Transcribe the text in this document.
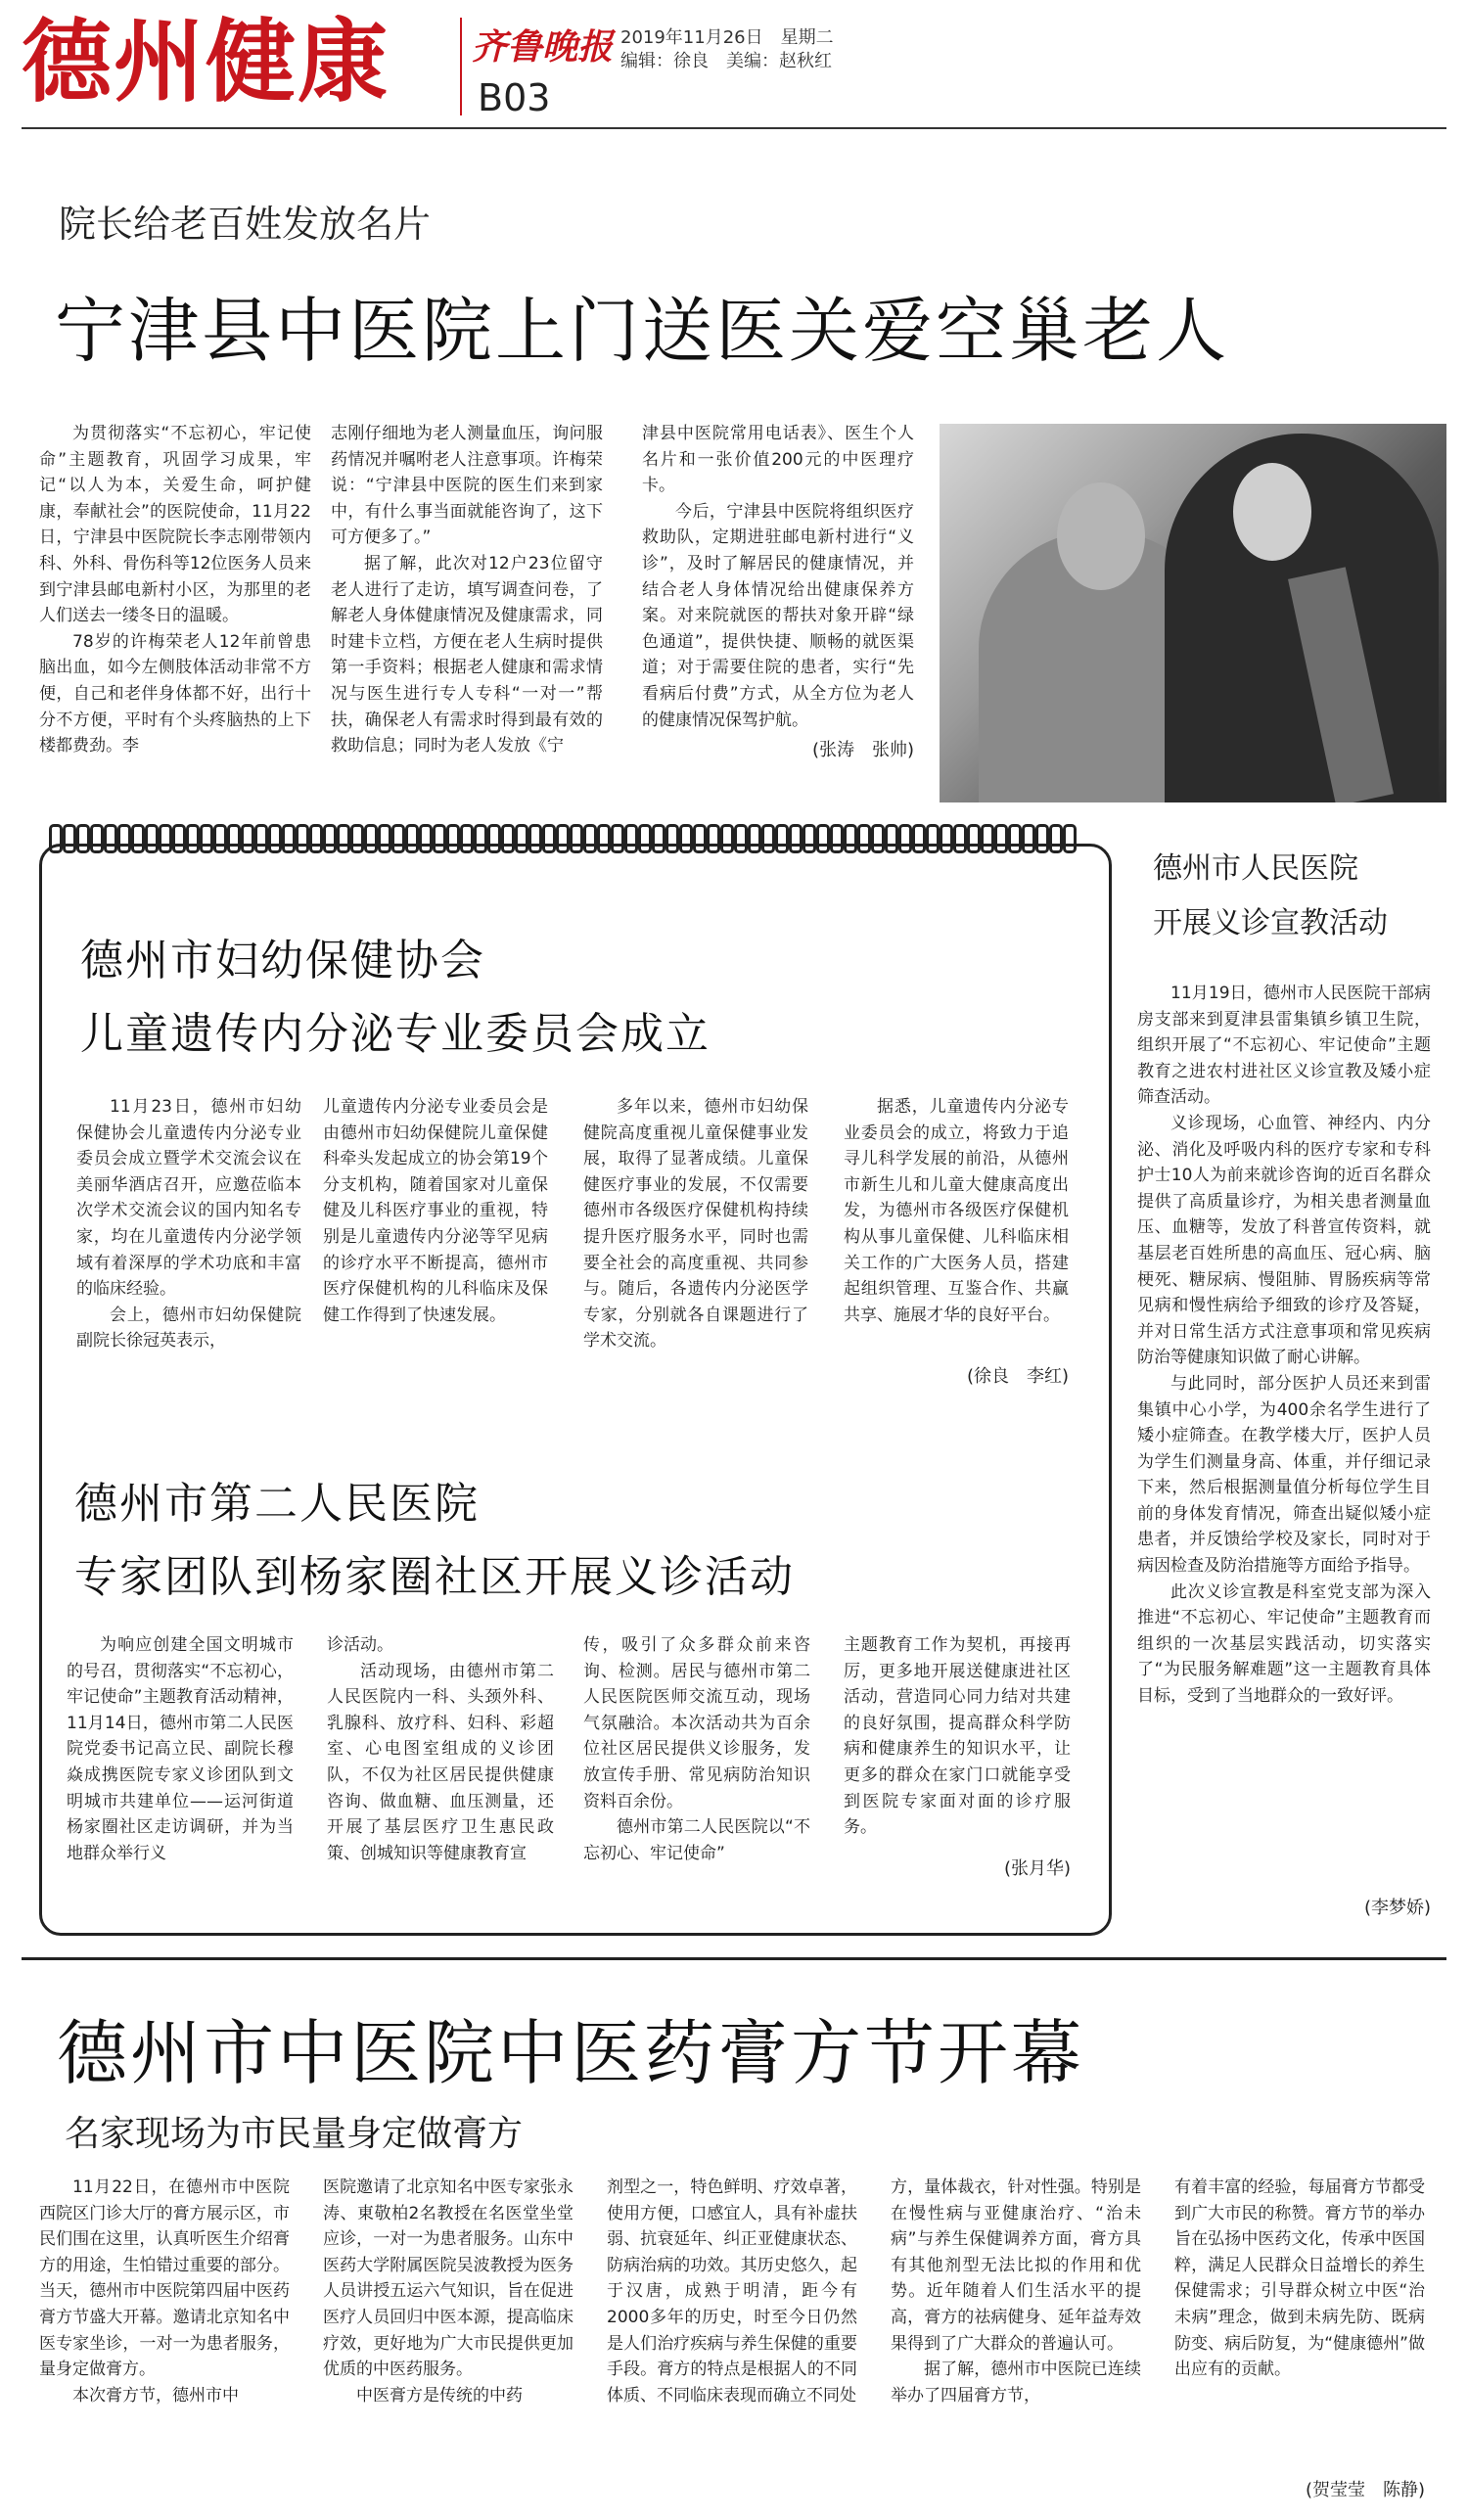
德州健康 齐鲁晚报
B03
2019年11月26日　星期二
编辑：徐良　美编：赵秋红
院长给老百姓发放名片
宁津县中医院上门送医关爱空巢老人

为贯彻落实“不忘初心，牢记使命”主题教育，巩固学习成果，牢记“以人为本，关爱生命，呵护健康，奉献社会”的医院使命，11月22日，宁津县中医院院长李志刚带领内科、外科、骨伤科等12位医务人员来到宁津县邮电新村小区，为那里的老人们送去一缕冬日的温暖。

78岁的许梅荣老人12年前曾患脑出血，如今左侧肢体活动非常不方便，自己和老伴身体都不好，出行十分不方便，平时有个头疼脑热的上下楼都费劲。李

志刚仔细地为老人测量血压，询问服药情况并嘱咐老人注意事项。许梅荣说：“宁津县中医院的医生们来到家中，有什么事当面就能咨询了，这下可方便多了。”

据了解，此次对12户23位留守老人进行了走访，填写调查问卷，了解老人身体健康情况及健康需求，同时建卡立档，方便在老人生病时提供第一手资料；根据老人健康和需求情况与医生进行专人专科“一对一”帮扶，确保老人有需求时得到最有效的救助信息；同时为老人发放《宁

津县中医院常用电话表》、医生个人名片和一张价值200元的中医理疗卡。

今后，宁津县中医院将组织医疗救助队，定期进驻邮电新村进行“义诊”，及时了解居民的健康情况，并结合老人身体情况给出健康保养方案。对来院就医的帮扶对象开辟“绿色通道”，提供快捷、顺畅的就医渠道；对于需要住院的患者，实行“先看病后付费”方式，从全方位为老人的健康情况保驾护航。

(张涛　张帅)
德州市妇幼保健协会
儿童遗传内分泌专业委员会成立

11月23日，德州市妇幼保健协会儿童遗传内分泌专业委员会成立暨学术交流会议在美丽华酒店召开，应邀莅临本次学术交流会议的国内知名专家，均在儿童遗传内分泌学领域有着深厚的学术功底和丰富的临床经验。

会上，德州市妇幼保健院副院长徐冠英表示，

儿童遗传内分泌专业委员会是由德州市妇幼保健院儿童保健科牵头发起成立的协会第19个分支机构，随着国家对儿童保健及儿科医疗事业的重视，特别是儿童遗传内分泌等罕见病的诊疗水平不断提高，德州市医疗保健机构的儿科临床及保健工作得到了快速发展。

多年以来，德州市妇幼保健院高度重视儿童保健事业发展，取得了显著成绩。儿童保健医疗事业的发展，不仅需要德州市各级医疗保健机构持续提升医疗服务水平，同时也需要全社会的高度重视、共同参与。随后，各遗传内分泌医学专家，分别就各自课题进行了学术交流。

据悉，儿童遗传内分泌专业委员会的成立，将致力于追寻儿科学发展的前沿，从德州市新生儿和儿童大健康高度出发，为德州市各级医疗保健机构从事儿童保健、儿科临床相关工作的广大医务人员，搭建起组织管理、互鉴合作、共赢共享、施展才华的良好平台。

(徐良　李红)
德州市第二人民医院
专家团队到杨家圈社区开展义诊活动

为响应创建全国文明城市的号召，贯彻落实“不忘初心，牢记使命”主题教育活动精神，11月14日，德州市第二人民医院党委书记高立民、副院长穆焱成携医院专家义诊团队到文明城市共建单位——运河街道杨家圈社区走访调研，并为当地群众举行义

诊活动。

活动现场，由德州市第二人民医院内一科、头颈外科、乳腺科、放疗科、妇科、彩超室、心电图室组成的义诊团队，不仅为社区居民提供健康咨询、做血糖、血压测量，还开展了基层医疗卫生惠民政策、创城知识等健康教育宣

传，吸引了众多群众前来咨询、检测。居民与德州市第二人民医院医师交流互动，现场气氛融洽。本次活动共为百余位社区居民提供义诊服务，发放宣传手册、常见病防治知识资料百余份。

德州市第二人民医院以“不忘初心、牢记使命”

主题教育工作为契机，再接再厉，更多地开展送健康进社区活动，营造同心同力结对共建的良好氛围，提高群众科学防病和健康养生的知识水平，让更多的群众在家门口就能享受到医院专家面对面的诊疗服务。

(张月华)
德州市人民医院
开展义诊宣教活动

11月19日，德州市人民医院干部病房支部来到夏津县雷集镇乡镇卫生院，组织开展了“不忘初心、牢记使命”主题教育之进农村进社区义诊宣教及矮小症筛查活动。

义诊现场，心血管、神经内、内分泌、消化及呼吸内科的医疗专家和专科护士10人为前来就诊咨询的近百名群众提供了高质量诊疗，为相关患者测量血压、血糖等，发放了科普宣传资料，就基层老百姓所患的高血压、冠心病、脑梗死、糖尿病、慢阻肺、胃肠疾病等常见病和慢性病给予细致的诊疗及答疑，并对日常生活方式注意事项和常见疾病防治等健康知识做了耐心讲解。

与此同时，部分医护人员还来到雷集镇中心小学，为400余名学生进行了矮小症筛查。在教学楼大厅，医护人员为学生们测量身高、体重，并仔细记录下来，然后根据测量值分析每位学生目前的身体发育情况，筛查出疑似矮小症患者，并反馈给学校及家长，同时对于病因检查及防治措施等方面给予指导。

此次义诊宣教是科室党支部为深入推进“不忘初心、牢记使命”主题教育而组织的一次基层实践活动，切实落实了“为民服务解难题”这一主题教育具体目标，受到了当地群众的一致好评。

(李梦娇)
德州市中医院中医药膏方节开幕
名家现场为市民量身定做膏方

11月22日，在德州市中医院西院区门诊大厅的膏方展示区，市民们围在这里，认真听医生介绍膏方的用途，生怕错过重要的部分。当天，德州市中医院第四届中医药膏方节盛大开幕。邀请北京知名中医专家坐诊，一对一为患者服务，量身定做膏方。

本次膏方节，德州市中

医院邀请了北京知名中医专家张永涛、東敬柏2名教授在名医堂坐堂应诊，一对一为患者服务。山东中医药大学附属医院吴波教授为医务人员讲授五运六气知识，旨在促进医疗人员回归中医本源，提高临床疗效，更好地为广大市民提供更加优质的中医药服务。

中医膏方是传统的中药

剂型之一，特色鲜明、疗效卓著，使用方便，口感宜人，具有补虚扶弱、抗衰延年、纠正亚健康状态、防病治病的功效。其历史悠久，起于汉唐，成熟于明清，距今有2000多年的历史，时至今日仍然是人们治疗疾病与养生保健的重要手段。膏方的特点是根据人的不同体质、不同临床表现而确立不同处

方，量体裁衣，针对性强。特别是在慢性病与亚健康治疗、“治未病”与养生保健调养方面，膏方具有其他剂型无法比拟的作用和优势。近年随着人们生活水平的提高，膏方的祛病健身、延年益寿效果得到了广大群众的普遍认可。

据了解，德州市中医院已连续举办了四届膏方节，

有着丰富的经验，每届膏方节都受到广大市民的称赞。膏方节的举办旨在弘扬中医药文化，传承中医国粹，满足人民群众日益增长的养生保健需求；引导群众树立中医“治未病”理念，做到未病先防、既病防变、病后防复，为“健康德州”做出应有的贡献。

(贺莹莹　陈静)
